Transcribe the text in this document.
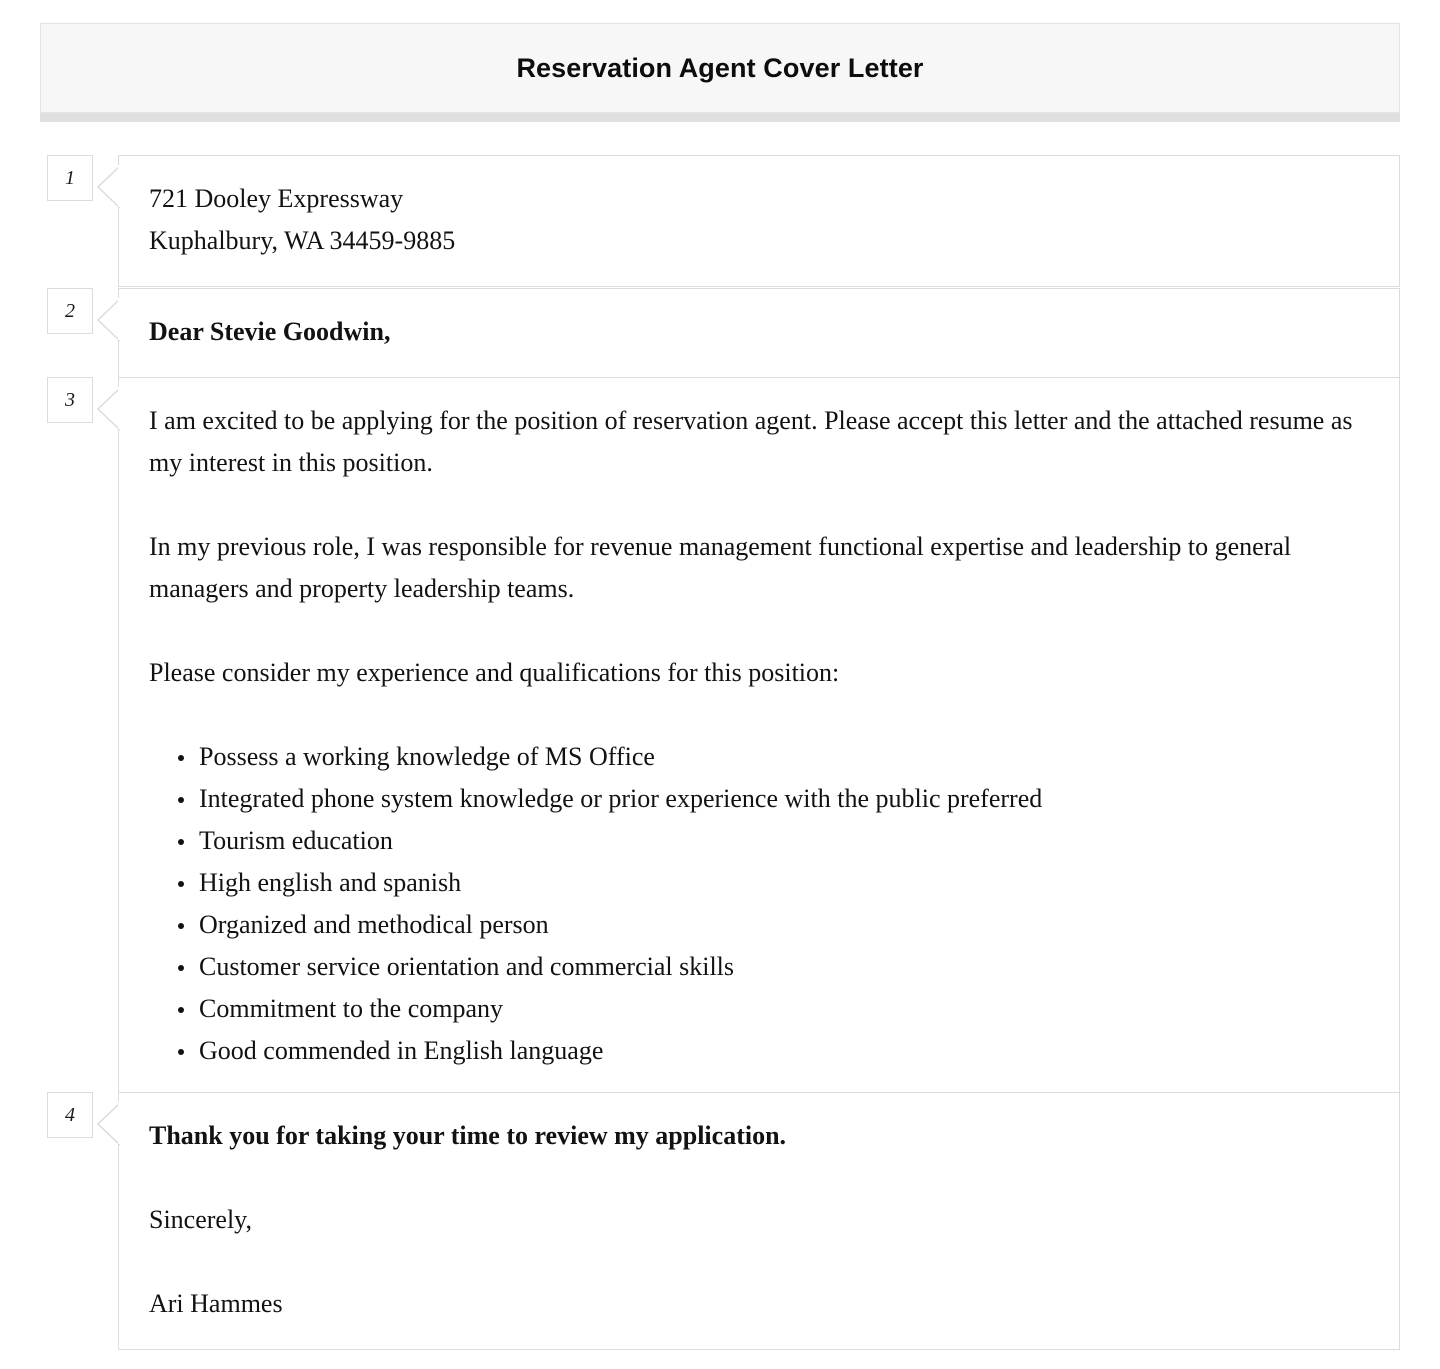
Reservation Agent Cover Letter
1

721 Dooley Expressway

Kuphalbury, WA 34459-9885

2

Dear Stevie Goodwin,

3

I am excited to be applying for the position of reservation agent. Please accept this letter and the attached resume as my interest in this position.

In my previous role, I was responsible for revenue management functional expertise and leadership to general managers and property leadership teams.

Please consider my experience and qualifications for this position:

Possess a working knowledge of MS Office
Integrated phone system knowledge or prior experience with the public preferred
Tourism education
High english and spanish
Organized and methodical person
Customer service orientation and commercial skills
Commitment to the company
Good commended in English language
4

Thank you for taking your time to review my application.

Sincerely,

Ari Hammes
